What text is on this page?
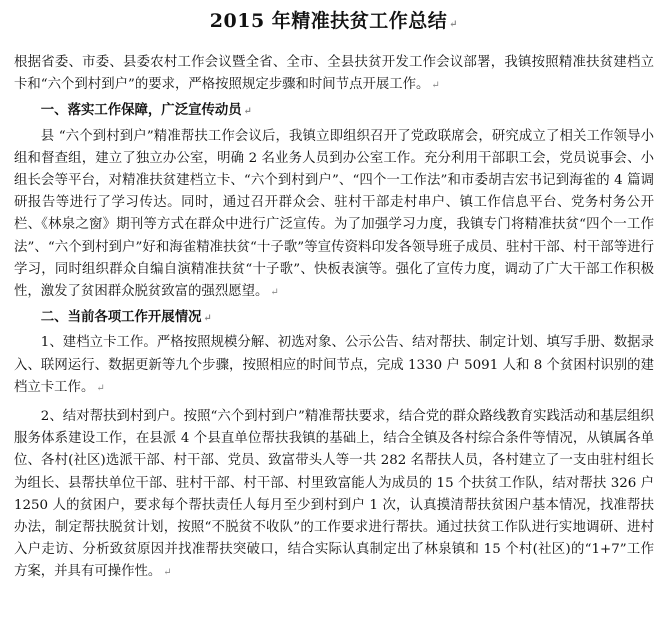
2015 年精准扶贫工作总结 ↵

根据省委、市委、县委农村工作会议暨全省、全市、全县扶贫开发工作会议部署，我镇按照精准扶贫建档立卡和“六个到村到户”的要求，严格按照规定步骤和时间节点开展工作。 ↵

一、落实工作保障，广泛宣传动员 ↵

县 “六个到村到户”精准帮扶工作会议后，我镇立即组织召开了党政联席会，研究成立了相关工作领导小组和督查组，建立了独立办公室，明确 2 名业务人员到办公室工作。充分利用干部职工会，党员说事会、小组长会等平台，对精准扶贫建档立卡、“六个到村到户”、“四个一工作法”和市委胡吉宏书记到海雀的 4 篇调研报告等进行了学习传达。同时，通过召开群众会、驻村干部走村串户、镇工作信息平台、党务村务公开栏、《林泉之窗》期刊等方式在群众中进行广泛宣传。为了加强学习力度，我镇专门将精准扶贫“四个一工作法”、“六个到村到户”好和海雀精准扶贫“十子歌”等宣传资料印发各领导班子成员、驻村干部、村干部等进行学习，同时组织群众自编自演精准扶贫“十子歌”、快板表演等。强化了宣传力度，调动了广大干部工作积极性，激发了贫困群众脱贫致富的强烈愿望。 ↵

二、当前各项工作开展情况 ↵

1、建档立卡工作。严格按照规模分解、初选对象、公示公告、结对帮扶、制定计划、填写手册、数据录入、联网运行、数据更新等九个步骤，按照相应的时间节点，完成 1330 户 5091 人和 8 个贫困村识别的建档立卡工作。 ↵

2、结对帮扶到村到户。按照“六个到村到户”精准帮扶要求，结合党的群众路线教育实践活动和基层组织服务体系建设工作，在县派 4 个县直单位帮扶我镇的基础上，结合全镇及各村综合条件等情况，从镇属各单位、各村(社区)选派干部、村干部、党员、致富带头人等一共 282 名帮扶人员，各村建立了一支由驻村组长为组长、县帮扶单位干部、驻村干部、村干部、村里致富能人为成员的 15 个扶贫工作队，结对帮扶 326 户 1250 人的贫困户，要求每个帮扶责任人每月至少到村到户 1 次，认真摸清帮扶贫困户基本情况，找准帮扶办法，制定帮扶脱贫计划，按照“不脱贫不收队”的工作要求进行帮扶。通过扶贫工作队进行实地调研、进村入户走访、分析致贫原因并找准帮扶突破口，结合实际认真制定出了林泉镇和 15 个村(社区)的“1+7”工作方案，并具有可操作性。 ↵
